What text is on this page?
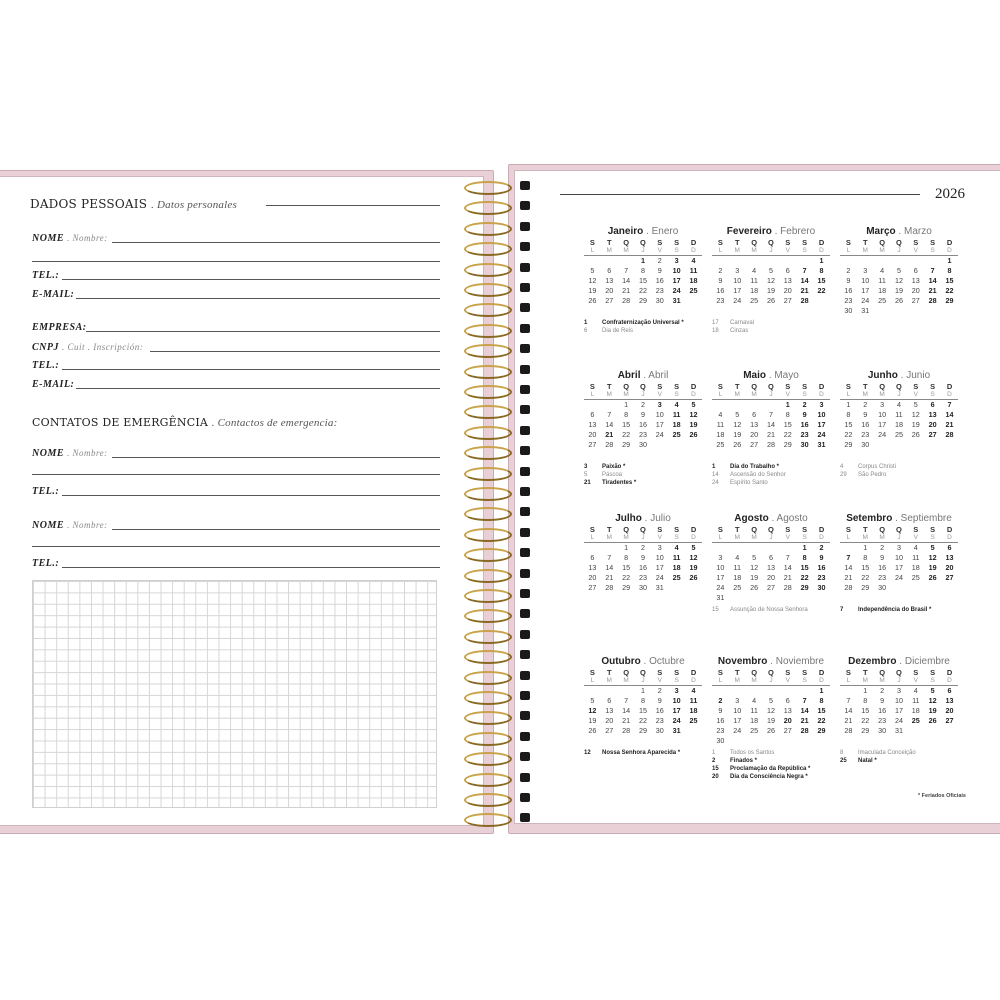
DADOS PESSOAIS . Datos personales
NOME . Nombre:
TEL.:
E-MAIL:
EMPRESA:
CNPJ . Cuit . Inscripción:
TEL.:
E-MAIL:
CONTATOS DE EMERGÊNCIA . Contactos de emergencia:
NOME . Nombre:
TEL.:
NOME . Nombre:
TEL.:
2026
Janeiro . Enero
S	T	Q	Q	S	S	D
L	M	M	J	V	S	D
			1	2	3	4
5	6	7	8	9	10	11
12	13	14	15	16	17	18
19	20	21	22	23	24	25
26	27	28	29	30	31	
1 Confraternização Universal *
6 Dia de Reis
Fevereiro . Febrero
S	T	Q	Q	S	S	D
L	M	M	J	V	S	D
						1
2	3	4	5	6	7	8
9	10	11	12	13	14	15
16	17	18	19	20	21	22
23	24	25	26	27	28	
17 Carnaval
18 Cinzas
Março . Marzo
S	T	Q	Q	S	S	D
L	M	M	J	V	S	D
						1
2	3	4	5	6	7	8
9	10	11	12	13	14	15
16	17	18	19	20	21	22
23	24	25	26	27	28	29
30	31					
Abril . Abril
S	T	Q	Q	S	S	D
L	M	M	J	V	S	D
		1	2	3	4	5
6	7	8	9	10	11	12
13	14	15	16	17	18	19
20	21	22	23	24	25	26
27	28	29	30			
3 Paixão *
5 Páscoa
21 Tiradentes *
Maio . Mayo
S	T	Q	Q	S	S	D
L	M	M	J	V	S	D
				1	2	3
4	5	6	7	8	9	10
11	12	13	14	15	16	17
18	19	20	21	22	23	24
25	26	27	28	29	30	31
1 Dia do Trabalho *
14 Ascensão do Senhor
24 Espírito Santo
Junho . Junio
S	T	Q	Q	S	S	D
L	M	M	J	V	S	D
1	2	3	4	5	6	7
8	9	10	11	12	13	14
15	16	17	18	19	20	21
22	23	24	25	26	27	28
29	30					
4 Corpus Christi
29 São Pedro
Julho . Julio
S	T	Q	Q	S	S	D
L	M	M	J	V	S	D
		1	2	3	4	5
6	7	8	9	10	11	12
13	14	15	16	17	18	19
20	21	22	23	24	25	26
27	28	29	30	31		
Agosto . Agosto
S	T	Q	Q	S	S	D
L	M	M	J	V	S	D
					1	2
3	4	5	6	7	8	9
10	11	12	13	14	15	16
17	18	19	20	21	22	23
24	25	26	27	28	29	30
31						
15 Assunção de Nossa Senhora
Setembro . Septiembre
S	T	Q	Q	S	S	D
L	M	M	J	V	S	D
	1	2	3	4	5	6
7	8	9	10	11	12	13
14	15	16	17	18	19	20
21	22	23	24	25	26	27
28	29	30				
7 Independência do Brasil *
Outubro . Octubre
S	T	Q	Q	S	S	D
L	M	M	J	V	S	D
			1	2	3	4
5	6	7	8	9	10	11
12	13	14	15	16	17	18
19	20	21	22	23	24	25
26	27	28	29	30	31	
12 Nossa Senhora Aparecida *
Novembro . Noviembre
S	T	Q	Q	S	S	D
L	M	M	J	V	S	D
						1
2	3	4	5	6	7	8
9	10	11	12	13	14	15
16	17	18	19	20	21	22
23	24	25	26	27	28	29
30						
1 Todos os Santos
2 Finados *
15 Proclamação da República *
20 Dia da Consciência Negra *
Dezembro . Diciembre
S	T	Q	Q	S	S	D
L	M	M	J	V	S	D
	1	2	3	4	5	6
7	8	9	10	11	12	13
14	15	16	17	18	19	20
21	22	23	24	25	26	27
28	29	30	31			
8 Imaculada Conceição
25 Natal *
* Feriados Oficiais
